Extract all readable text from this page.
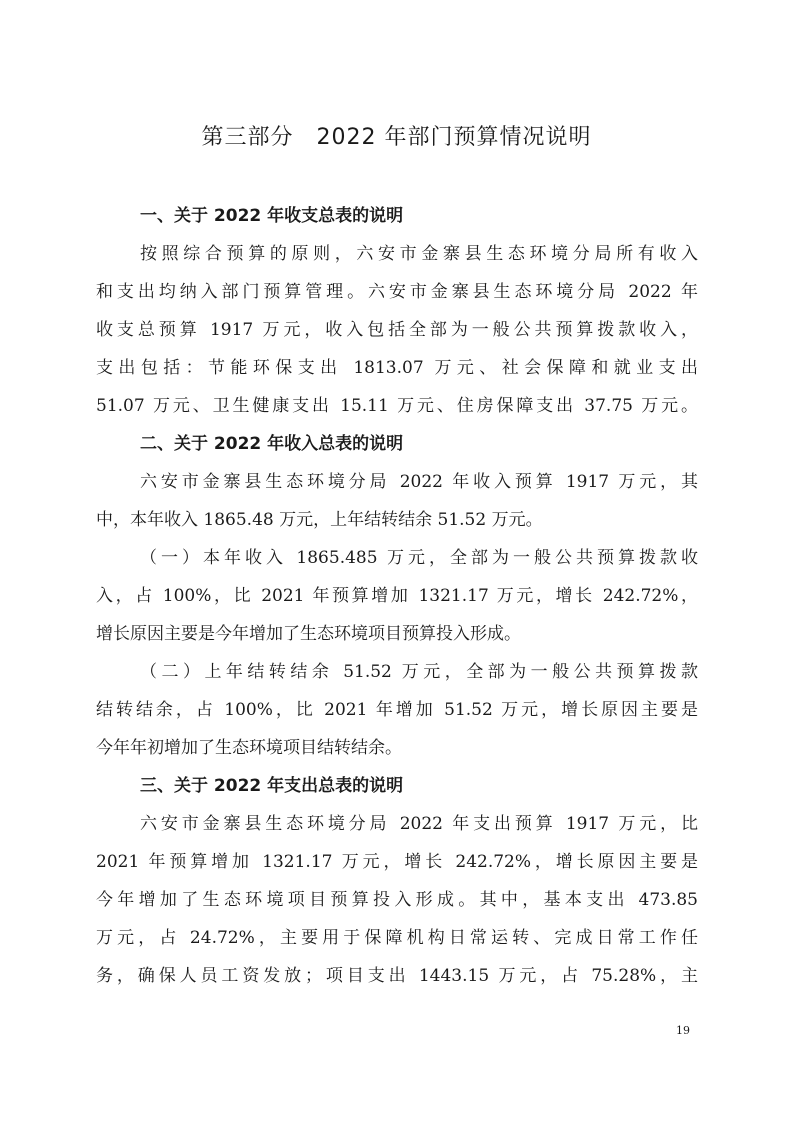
第三部分　2022 年部门预算情况说明
一、关于 2022 年收支总表的说明
按照综合预算的原则，六安市金寨县生态环境分局所有收入
和支出均纳入部门预算管理。六安市金寨县生态环境分局 2022 年
收支总预算 1917 万元，收入包括全部为一般公共预算拨款收入，
支出包括：节能环保支出 1813.07 万元、社会保障和就业支出
51.07 万元、卫生健康支出 15.11 万元、住房保障支出 37.75 万元。
二、关于 2022 年收入总表的说明
六安市金寨县生态环境分局 2022 年收入预算 1917 万元，其
中，本年收入 1865.48 万元，上年结转结余 51.52 万元。
（一）本年收入 1865.485 万元，全部为一般公共预算拨款收
入，占 100%，比 2021 年预算增加 1321.17 万元，增长 242.72%，
增长原因主要是今年增加了生态环境项目预算投入形成。
（二）上年结转结余 51.52 万元，全部为一般公共预算拨款
结转结余，占 100%，比 2021 年增加 51.52 万元，增长原因主要是
今年年初增加了生态环境项目结转结余。
三、关于 2022 年支出总表的说明
六安市金寨县生态环境分局 2022 年支出预算 1917 万元，比
2021 年预算增加 1321.17 万元，增长 242.72%，增长原因主要是
今年增加了生态环境项目预算投入形成。其中，基本支出 473.85
万元，占 24.72%，主要用于保障机构日常运转、完成日常工作任
务，确保人员工资发放；项目支出 1443.15 万元，占 75.28%，主
19
